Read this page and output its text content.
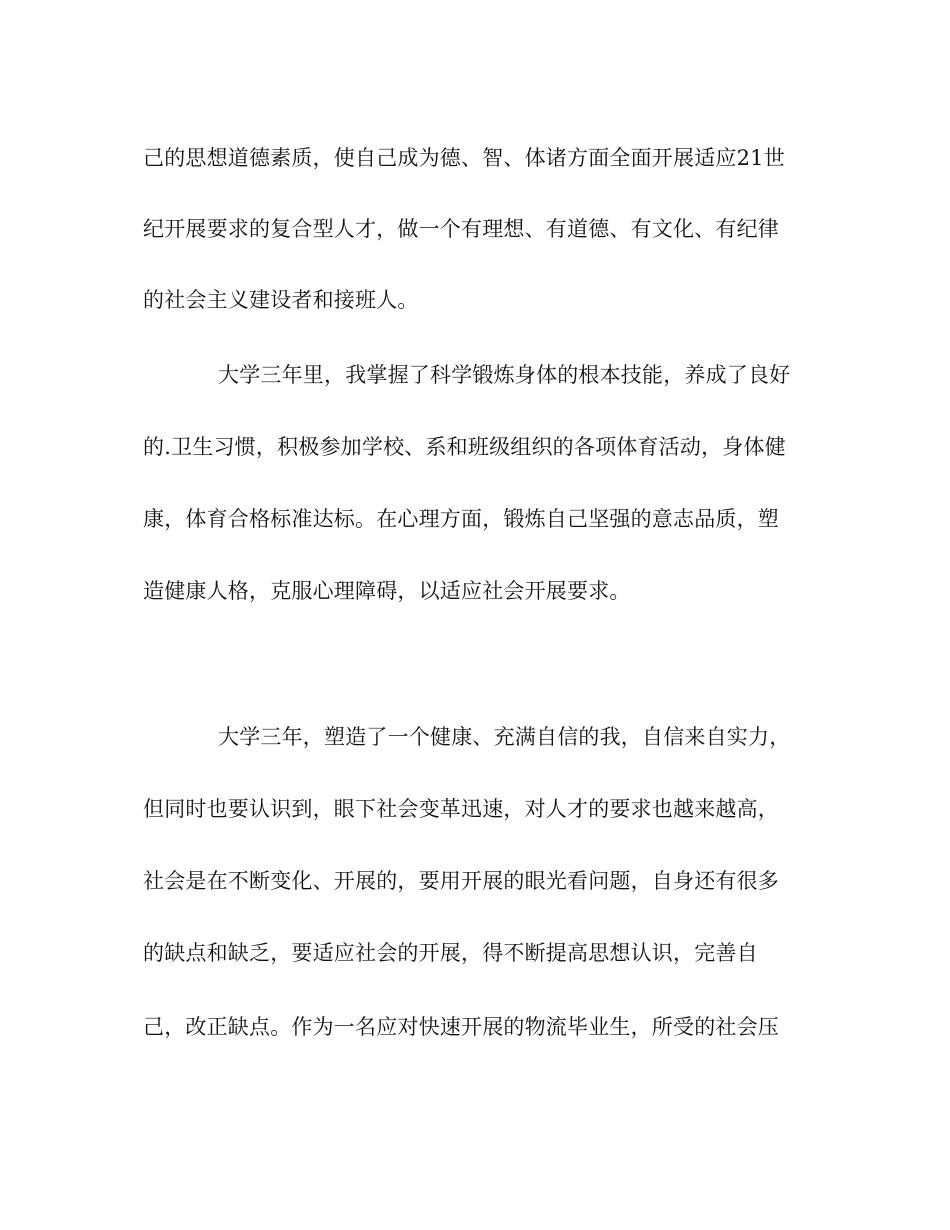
己的思想道德素质，使自己成为德、智、体诸方面全面开展适应21世

纪开展要求的复合型人才，做一个有理想、有道德、有文化、有纪律

的社会主义建设者和接班人。

大学三年里，我掌握了科学锻炼身体的根本技能，养成了良好

的.卫生习惯，积极参加学校、系和班级组织的各项体育活动，身体健

康，体育合格标准达标。在心理方面，锻炼自己坚强的意志品质，塑

造健康人格，克服心理障碍，以适应社会开展要求。

大学三年，塑造了一个健康、充满自信的我，自信来自实力，

但同时也要认识到，眼下社会变革迅速，对人才的要求也越来越高，

社会是在不断变化、开展的，要用开展的眼光看问题，自身还有很多

的缺点和缺乏，要适应社会的开展，得不断提高思想认识，完善自

己，改正缺点。作为一名应对快速开展的物流毕业生，所受的社会压
